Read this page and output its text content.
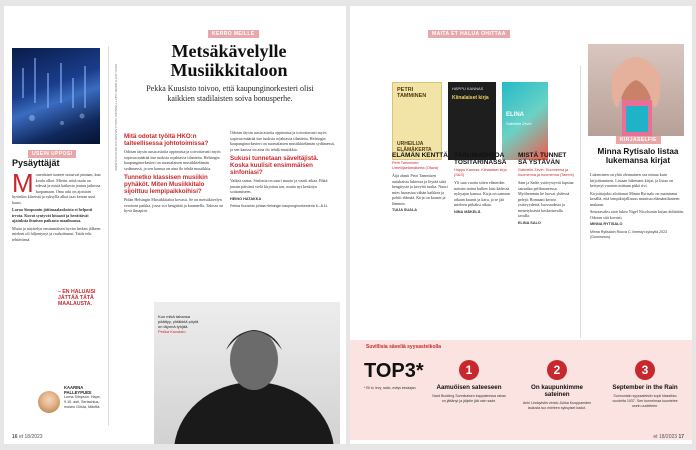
USEIN UPPOSI
Pysäyttäjät

Monenlaiset tunteet nousivat pintaan, kun koulu alkoi. Mietin, mitä uutta on edessä ja mistä kaikesta joutuu jatkossa luopumaan. Oma arki on ajoittain hyvinkin kiireistä ja syksyllä alkoi taas kerran uusi kausi.

Lorna Simpsonin jättimaalauksista ei helposti irrota. Kuvat syntyvät hitaasti ja herättävät ajatuksia ihmisen paikasta maailmassa.

Mutta jo näyttelyn ensimmäisen hyvän hetken jälkeen mieleni oli hiljentynyt ja rauhoittunut. Taide teki tehtävänsä.

– EN HALUAISI JÄTTÄÄ TÄTÄ MAALAUSTA.
KAARINA PALLEYPUIDI
Lorna Simpson: Hape, 9.10. asti, Serlachius-museo Gösta, Mänttä.
KUVA: ANTTI GRÖN / GETTY IMAGES / MILLA-MAARIA SALON KOTIALBUMI
KERRO MEILLE
Metsäkävelylle Musiikkitaloon
Pekka Kuusisto toivoo, että kaupunginorkesteri olisi kaikkien stadilaisten soiva bonusperhe.
Mitä odotat työltä HKO:n taiteellisessa johtotoimissa?

Odotan täysin uusia asioita oppimista ja toivottavasti myös sopivaa määrää itse tuoksia rojahtavia tilanteita. Helsingin kaupunginorkesteri on suomalaisen musiikkielämän sydämessä, ja sen kanssa on aina ilo tehdä musiikkia.

Tunnetko klassisen musiikin pyhäköt. Miten Musiikkitalo sijoittuu lempipaikkoihisi?

Pidän Helsingin Musiikkitaloa kovasti. Se on metsäkävelyn veroinen paikka, jossa voi hengittää ja kuunnella. Talossa on hyvä ilmapiiri.

Odotan täysin uusia asioita oppimista ja toivottavasti myös sopivaa määrää itse tuoksia rojahtavia tilanteita. Helsingin kaupunginorkesteri on suomalaisen musiikkielämän sydämessä, ja sen kanssa on aina ilo tehdä musiikkia.

Sukusi tunnetaan säveltäjistä. Koska kuulisit ensimmäisen sinfoniasi?

Vaikea sanoa. Sinfonia on suuri muoto ja vaatii aikaa. Ehkä jonain päivänä vielä kirjoitan sen, mutta nyt keskityn soittamiseen.

HEINO HATAKKA

Pekka Kuusisto johtaa Helsingin kaupunginorkesteria 6.–8.11.

Kun mikä tahansa päättyy, yhtäkkiä pöytä on täynnä tyhjää.
Pekka Kuusisto
16 et 18/2023
MAITA ET HALUA OHITTAA
PETRI TAMMINEN
URHEILIJA ELÄMÄKERTA
HÄPPU KANNAS
Kiinalaiset kirja
ELINA
Gabrielle Zevin
ELÄMÄN KENTTÄ
Petri Tamminen: Urheilijaelämäkerta (Otava)

Äijä ahmii Petri Tammisen uutukaista lukiessa ja löytää siitä hengitystä ja kevyttä tuulta. Nuori mies harrastaa vähän kaikkea ja pohtii elämää. Kirja on kaunis ja lämmin.

TUIJA SUALA
TARUNHOHTOA TOSITARINASSA
Happu Kannas: Kiinalaiset kirja (S&S)

Yli sata vuotta sitten eläneiden naisten tarina kulkee käsi kädessä nykyajan kanssa. Kirja on samaan aikaan kaunis ja karu, ja se jää mieleen pitkäksi aikaa.

NINA MÄKELÄ
MISTÄ TUNNET SÄ YSTÄVÄN
Gabrielle Zevin: Huomenna ja huomenna ja huomenna (Tammi)

Sam ja Sadie ystävystyvät lapsina sairaalan pelihuoneessa. Myöhemmin he luovat yhdessä pelejä. Romaani kertoo ystävyydestä, luovuudesta ja menetyksestä koskettavalla tavalla.

ELINA SALO
KIRJASELFIE
Minna Rytisalo listaa lukemansa kirjat

Lukeminen on yhtä olennainen osa minua kuin kirjoittaminen. Listaan lukemani kirjat, ja listaa on kertynyt vuosien mittaan pitkä rivi.

Kirjoittajaksi aloittanut Minna Rytisalo on maininnut kesällä, että lempikirjallisuus muuttuu elämäntilanteen mukaan.

Seuraavaksi aion lukea Nigel Nicolsonin kirjan äidistään. Odotan sitä kovasti.

MINNA RYTISALO

Minna Rytisalon Rouva C. ilmestyi syksyllä 2023 (Gummerus).

Suvillisia säveliä syysasteikolla
TOP3*
* Eli tv, levy, radio, esitys kesäajan.
1
Aamuöisen sateeseen
Nard Budding Sonnikaisen kappaleessa rakas on jättänyt ja jäljelle jää vain sade.
2
On kaupunkimme sateinen
Anki Lindqvistin versio Jukka Kuoppamäen laulusta tuo mieleen syksyiset kadut.
3
September in the Rain
Sunnuntain syyssateisiin sopii klassikko vuodelta 1937. Sen tunnelmaa kuuntelee usein uudelleen.
et 18/2023 17
